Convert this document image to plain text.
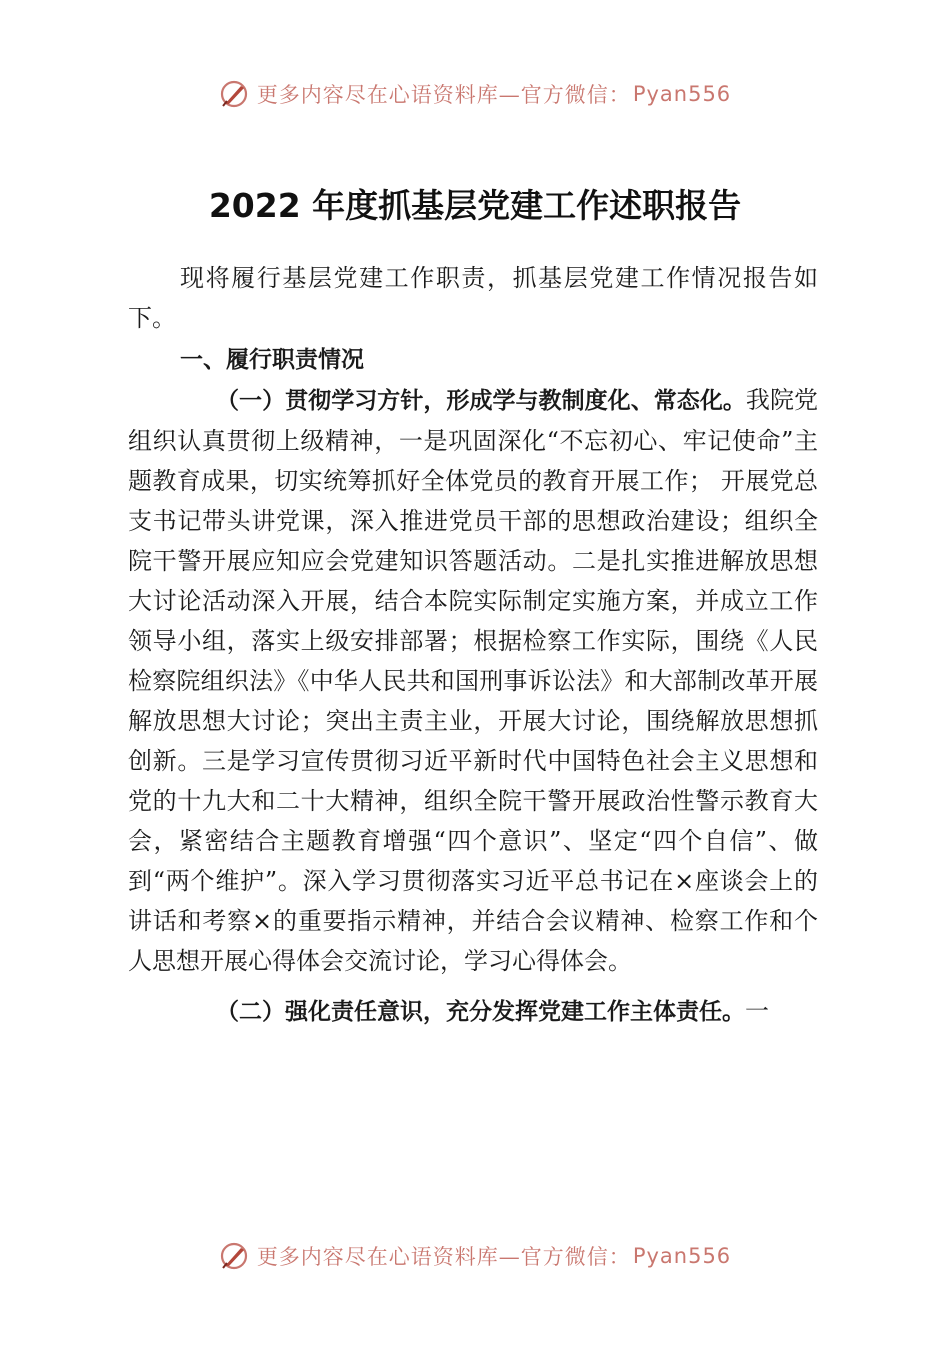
更多内容尽在心语资料库—官方微信： Pyan556
2022 年度抓基层党建工作述职报告

现将履行基层党建工作职责，抓基层党建工作情况报告如下。

一、履行职责情况

（一）贯彻学习方针，形成学与教制度化、常态化。我院党组织认真贯彻上级精神，一是巩固深化“不忘初心、牢记使命”主题教育成果，切实统筹抓好全体党员的教育开展工作； 开展党总支书记带头讲党课，深入推进党员干部的思想政治建设；组织全院干警开展应知应会党建知识答题活动。二是扎实推进解放思想大讨论活动深入开展，结合本院实际制定实施方案，并成立工作领导小组，落实上级安排部署；根据检察工作实际，围绕《人民检察院组织法》《中华人民共和国刑事诉讼法》和大部制改革开展解放思想大讨论；突出主责主业，开展大讨论，围绕解放思想抓创新。三是学习宣传贯彻习近平新时代中国特色社会主义思想和党的十九大和二十大精神，组织全院干警开展政治性警示教育大会，紧密结合主题教育增强“四个意识”、坚定“四个自信”、做到“两个维护”。深入学习贯彻落实习近平总书记在×座谈会上的讲话和考察×的重要指示精神，并结合会议精神、检察工作和个人思想开展心得体会交流讨论，学习心得体会。

（二）强化责任意识，充分发挥党建工作主体责任。一

更多内容尽在心语资料库—官方微信： Pyan556
